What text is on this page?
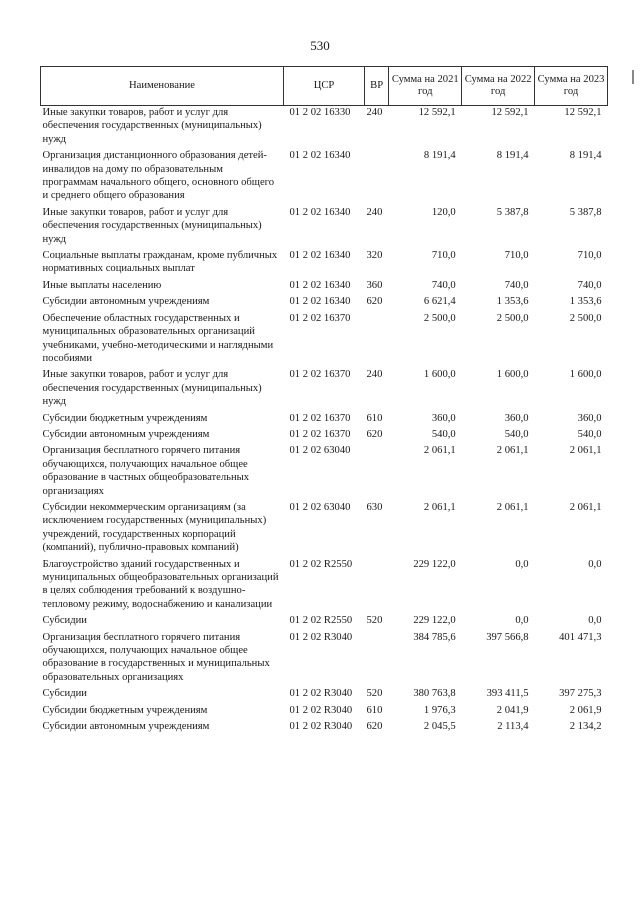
530
Наименование	ЦСР	ВР	Сумма на 2021 год	Сумма на 2022 год	Сумма на 2023 год
Иные закупки товаров, работ и услуг для обеспечения государственных (муниципальных) нужд	01 2 02 16330	240	12 592,1	12 592,1	12 592,1
Организация дистанционного образования детей-инвалидов на дому по образовательным программам начального общего, основного общего и среднего общего образования	01 2 02 16340		8 191,4	8 191,4	8 191,4
Иные закупки товаров, работ и услуг для обеспечения государственных (муниципальных) нужд	01 2 02 16340	240	120,0	5 387,8	5 387,8
Социальные выплаты гражданам, кроме публичных нормативных социальных выплат	01 2 02 16340	320	710,0	710,0	710,0
Иные выплаты населению	01 2 02 16340	360	740,0	740,0	740,0
Субсидии автономным учреждениям	01 2 02 16340	620	6 621,4	1 353,6	1 353,6
Обеспечение областных государственных и муниципальных образовательных организаций учебниками, учебно-методическими и наглядными пособиями	01 2 02 16370		2 500,0	2 500,0	2 500,0
Иные закупки товаров, работ и услуг для обеспечения государственных (муниципальных) нужд	01 2 02 16370	240	1 600,0	1 600,0	1 600,0
Субсидии бюджетным учреждениям	01 2 02 16370	610	360,0	360,0	360,0
Субсидии автономным учреждениям	01 2 02 16370	620	540,0	540,0	540,0
Организация бесплатного горячего питания обучающихся, получающих начальное общее образование в частных общеобразовательных организациях	01 2 02 63040		2 061,1	2 061,1	2 061,1
Субсидии некоммерческим организациям (за исключением государственных (муниципальных) учреждений, государственных корпораций (компаний), публично-правовых компаний)	01 2 02 63040	630	2 061,1	2 061,1	2 061,1
Благоустройство зданий государственных и муниципальных общеобразовательных организаций в целях соблюдения требований к воздушно-тепловому режиму, водоснабжению и канализации	01 2 02 R2550		229 122,0	0,0	0,0
Субсидии	01 2 02 R2550	520	229 122,0	0,0	0,0
Организация бесплатного горячего питания обучающихся, получающих начальное общее образование в государственных и муниципальных образовательных организациях	01 2 02 R3040		384 785,6	397 566,8	401 471,3
Субсидии	01 2 02 R3040	520	380 763,8	393 411,5	397 275,3
Субсидии бюджетным учреждениям	01 2 02 R3040	610	1 976,3	2 041,9	2 061,9
Субсидии автономным учреждениям	01 2 02 R3040	620	2 045,5	2 113,4	2 134,2
